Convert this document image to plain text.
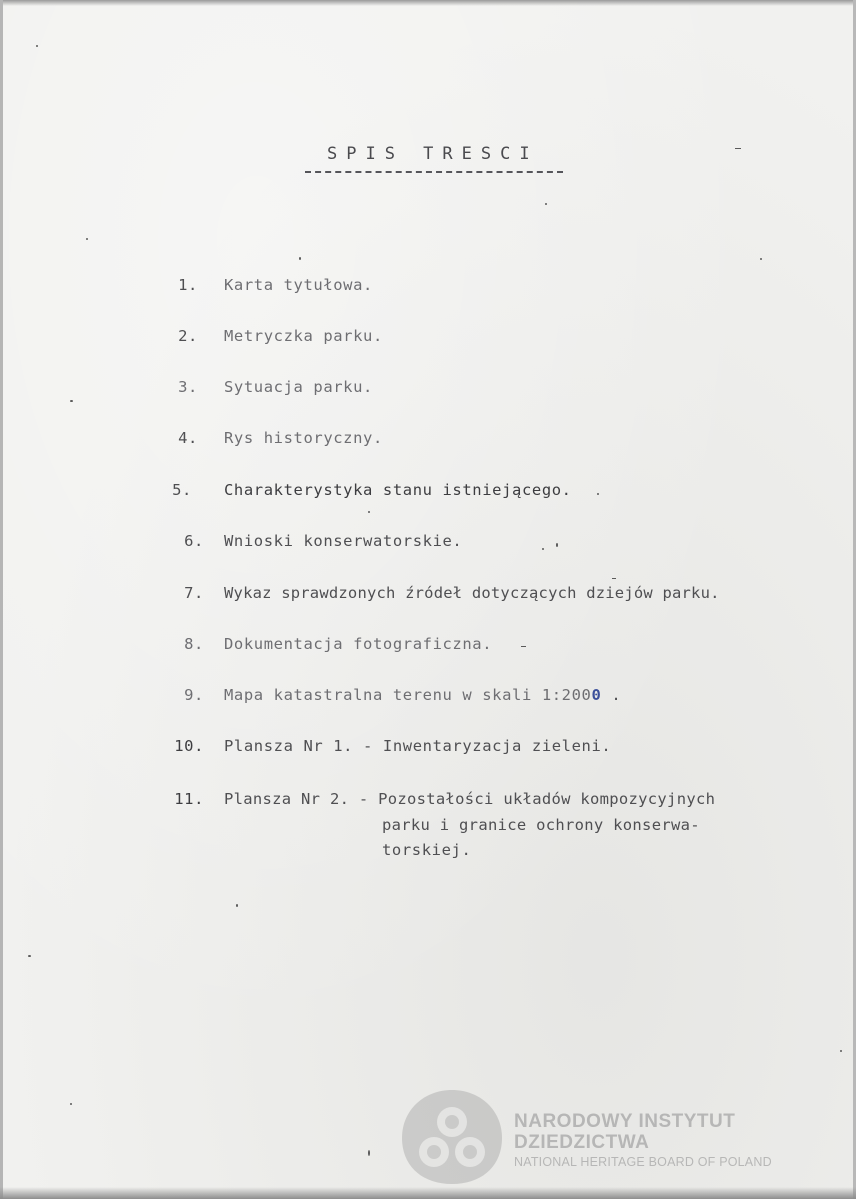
SPIS TRESCI
1. Karta tytułowa.
2. Metryczka parku.
3. Sytuacja parku.
4. Rys historyczny.
5. Charakterystyka stanu istniejącego.
6. Wnioski konserwatorskie.
7. Wykaz sprawdzonych źródeł dotyczących dziejów parku.
8. Dokumentacja fotograficzna.
9. Mapa katastralna terenu w skali 1:2000 .
10. Plansza Nr 1. - Inwentaryzacja zieleni.
11. Plansza Nr 2. - Pozostałości układów kompozycyjnych
parku i granice ochrony konserwa-
torskiej.
NARODOWY INSTYTUT
DZIEDZICTWA
NATIONAL HERITAGE BOARD OF POLAND
